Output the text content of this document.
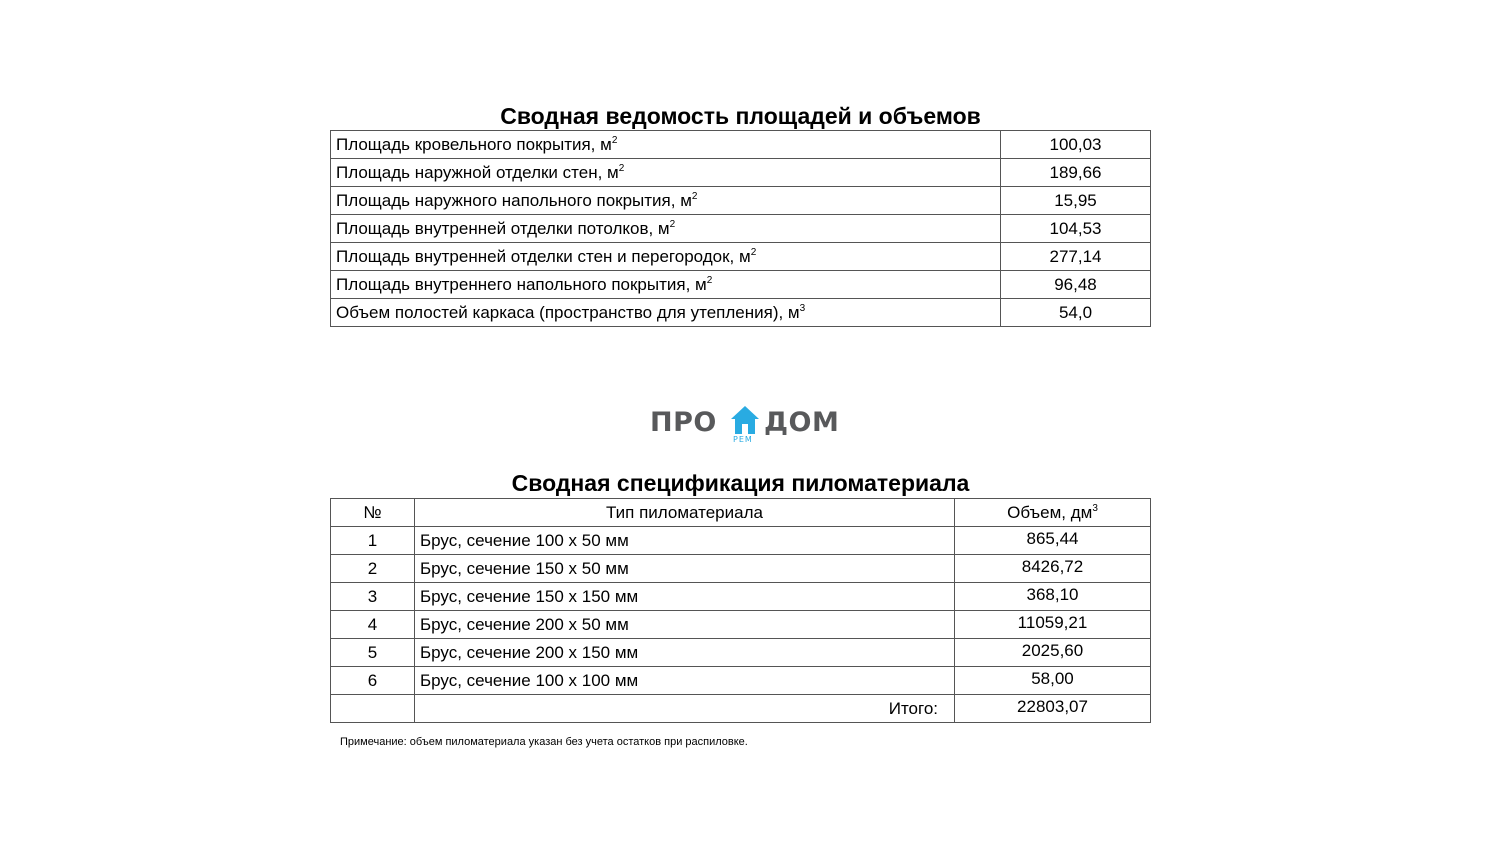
Сводная ведомость площадей и объемов
Площадь кровельного покрытия, $м^2$	100,03
Площадь наружной отделки стен, $м^2$	189,66
Площадь наружного напольного покрытия, $м^2$	15,95
Площадь внутренней отделки потолков, $м^2$	104,53
Площадь внутренней отделки стен и перегородок, $м^2$	277,14
Площадь внутреннего напольного покрытия, $м^2$	96,48
Объем полостей каркаса (пространство для утепления), $м^3$	54,0
ПРО
РЕМ
ДОМ
Сводная спецификация пиломатериала
№	Тип пиломатериала	Объем, $дм^3$
1	Брус, сечение 100 х 50 мм	865,44
2	Брус, сечение 150 х 50 мм	8426,72
3	Брус, сечение 150 х 150 мм	368,10
4	Брус, сечение 200 х 50 мм	11059,21
5	Брус, сечение 200 х 150 мм	2025,60
6	Брус, сечение 100 х 100 мм	58,00
	Итого:	22803,07
Примечание: объем пиломатериала указан без учета остатков при распиловке.
